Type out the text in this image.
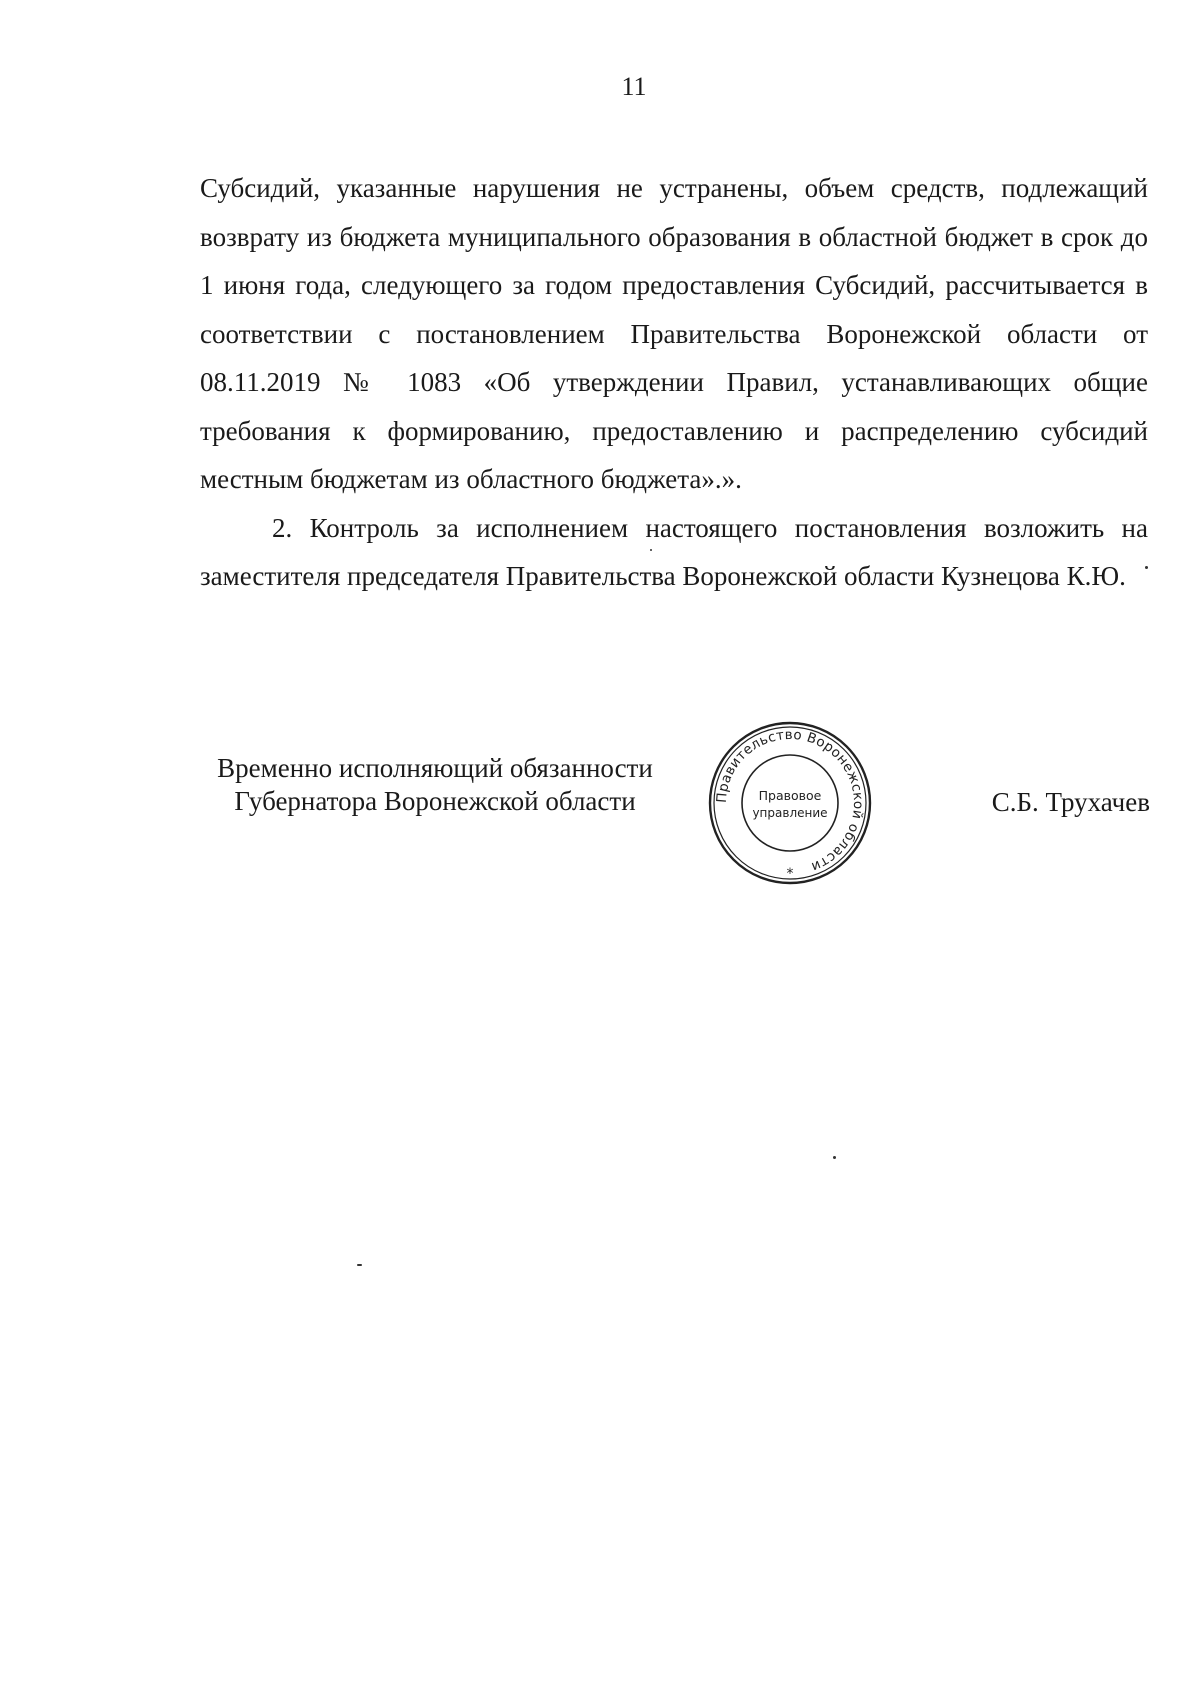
11

Субсидий, указанные нарушения не устранены, объем средств, подлежащий возврату из бюджета муниципального образования в областной бюджет в срок до 1 июня года, следующего за годом предоставления Субсидий, рассчитывается в соответствии с постановлением Правительства Воронежской области от 08.11.2019 № 1083 «Об утверждении Правил, устанавливающих общие требования к формированию, предоставлению и распределению субсидий местным бюджетам из областного бюджета».».

2. Контроль за исполнением настоящего постановления возложить на заместителя председателя Правительства Воронежской области Кузнецова К.Ю.

Временно исполняющий обязанности
Губернатора Воронежской области	С.Б. Трухачев
Правительство Воронежской области
Правовое
управление
*
